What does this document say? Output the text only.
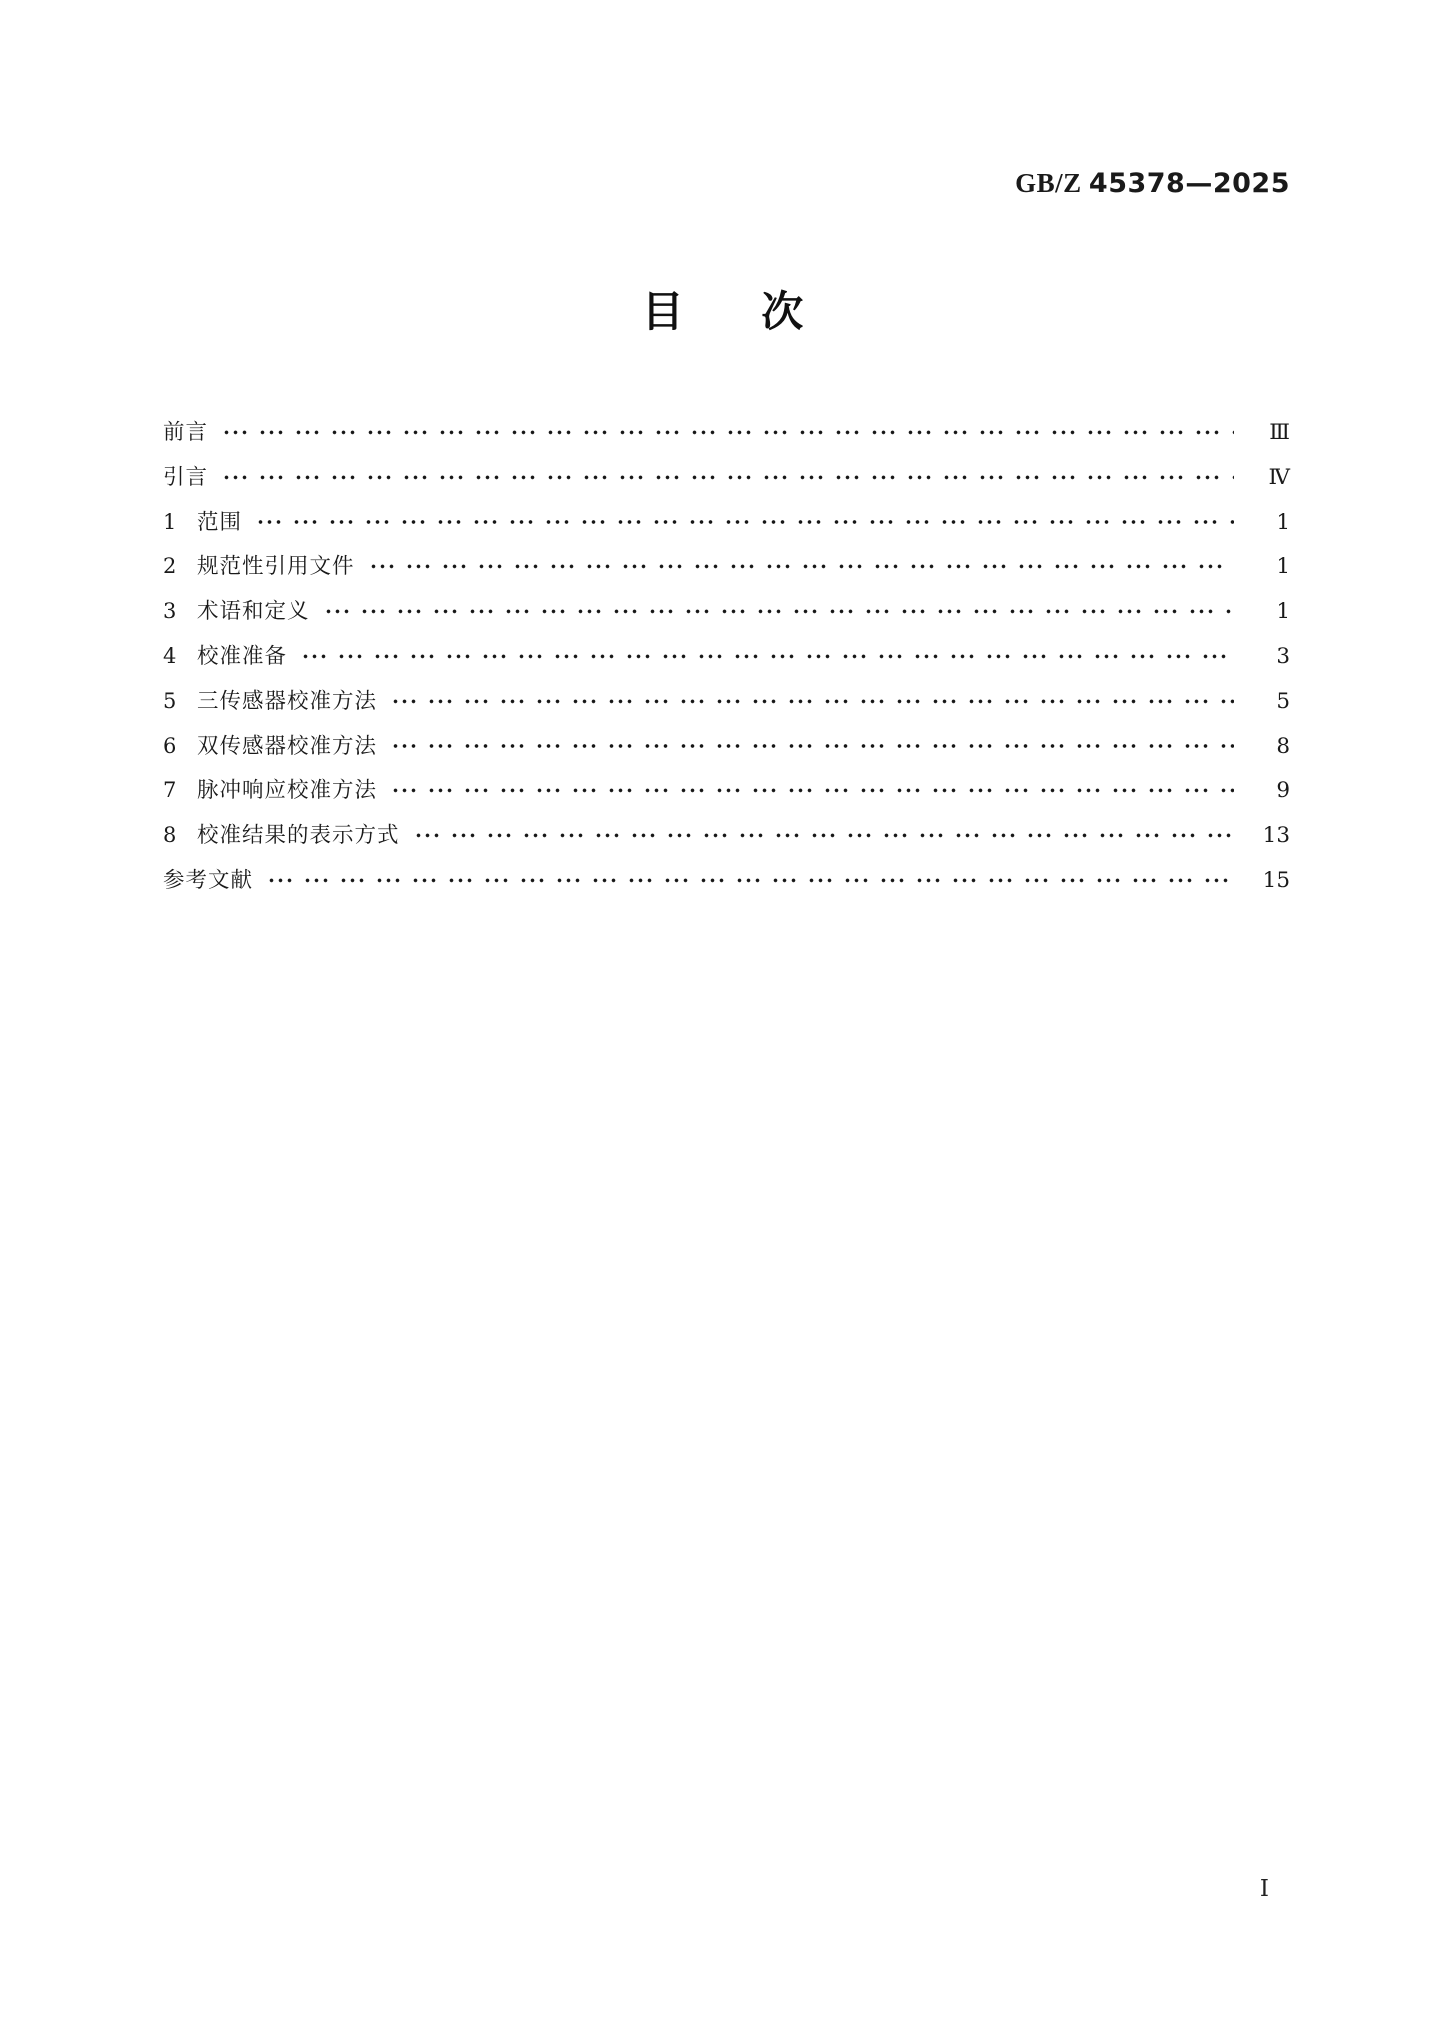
GB/Z 45378—2025
目 次
前言	Ⅲ
引言	Ⅳ
1 范围	1
2 规范性引用文件	1
3 术语和定义	1
4 校准准备	3
5 三传感器校准方法	5
6 双传感器校准方法	8
7 脉冲响应校准方法	9
8 校准结果的表示方式	13
参考文献	15
Ⅰ
